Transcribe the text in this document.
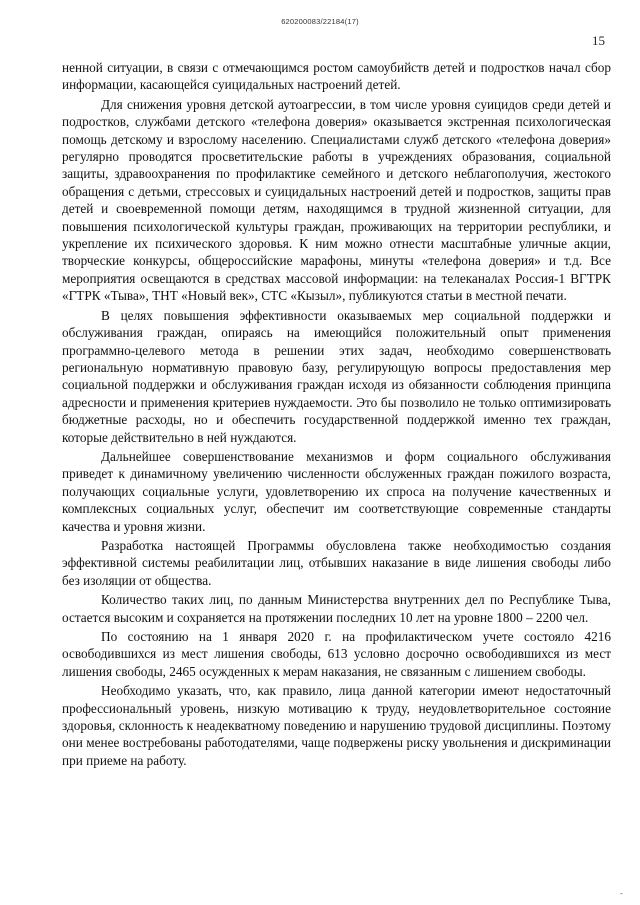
620200083/22184(17)
15

ненной ситуации, в связи с отмечающимся ростом самоубийств детей и подростков начал сбор информации, касающейся суицидальных настроений детей.

Для снижения уровня детской аутоагрессии, в том числе уровня суицидов среди детей и подростков, службами детского «телефона доверия» оказывается экстренная психологическая помощь детскому и взрослому населению. Специалистами служб детского «телефона доверия» регулярно проводятся просветительские работы в учреждениях образования, социальной защиты, здравоохранения по профилактике семейного и детского неблагополучия, жестокого обращения с детьми, стрессовых и суицидальных настроений детей и подростков, защиты прав детей и своевременной помощи детям, находящимся в трудной жизненной ситуации, для повышения психологической культуры граждан, проживающих на территории республики, и укрепление их психического здоровья. К ним можно отнести масштабные уличные акции, творческие конкурсы, общероссийские марафоны, минуты «телефона доверия» и т.д. Все мероприятия освещаются в средствах массовой информации: на телеканалах Россия-1 ВГТРК «ГТРК «Тыва», ТНТ «Новый век», СТС «Кызыл», публикуются статьи в местной печати.

В целях повышения эффективности оказываемых мер социальной поддержки и обслуживания граждан, опираясь на имеющийся положительный опыт применения программно-целевого метода в решении этих задач, необходимо совершенствовать региональную нормативную правовую базу, регулирующую вопросы предоставления мер социальной поддержки и обслуживания граждан исходя из обязанности соблюдения принципа адресности и применения критериев нуждаемости. Это бы позволило не только оптимизировать бюджетные расходы, но и обеспечить государственной поддержкой именно тех граждан, которые действительно в ней нуждаются.

Дальнейшее совершенствование механизмов и форм социального обслуживания приведет к динамичному увеличению численности обслуженных граждан пожилого возраста, получающих социальные услуги, удовлетворению их спроса на получение качественных и комплексных социальных услуг, обеспечит им соответствующие современные стандарты качества и уровня жизни.

Разработка настоящей Программы обусловлена также необходимостью создания эффективной системы реабилитации лиц, отбывших наказание в виде лишения свободы либо без изоляции от общества.

Количество таких лиц, по данным Министерства внутренних дел по Республике Тыва, остается высоким и сохраняется на протяжении последних 10 лет на уровне 1800 – 2200 чел.

По состоянию на 1 января 2020 г. на профилактическом учете состояло 4216 освободившихся из мест лишения свободы, 613 условно досрочно освободившихся из мест лишения свободы, 2465 осужденных к мерам наказания, не связанным с лишением свободы.

Необходимо указать, что, как правило, лица данной категории имеют недостаточный профессиональный уровень, низкую мотивацию к труду, неудовлетворительное состояние здоровья, склонность к неадекватному поведению и нарушению трудовой дисциплины. Поэтому они менее востребованы работодателями, чаще подвержены риску увольнения и дискриминации при приеме на работу.

-
